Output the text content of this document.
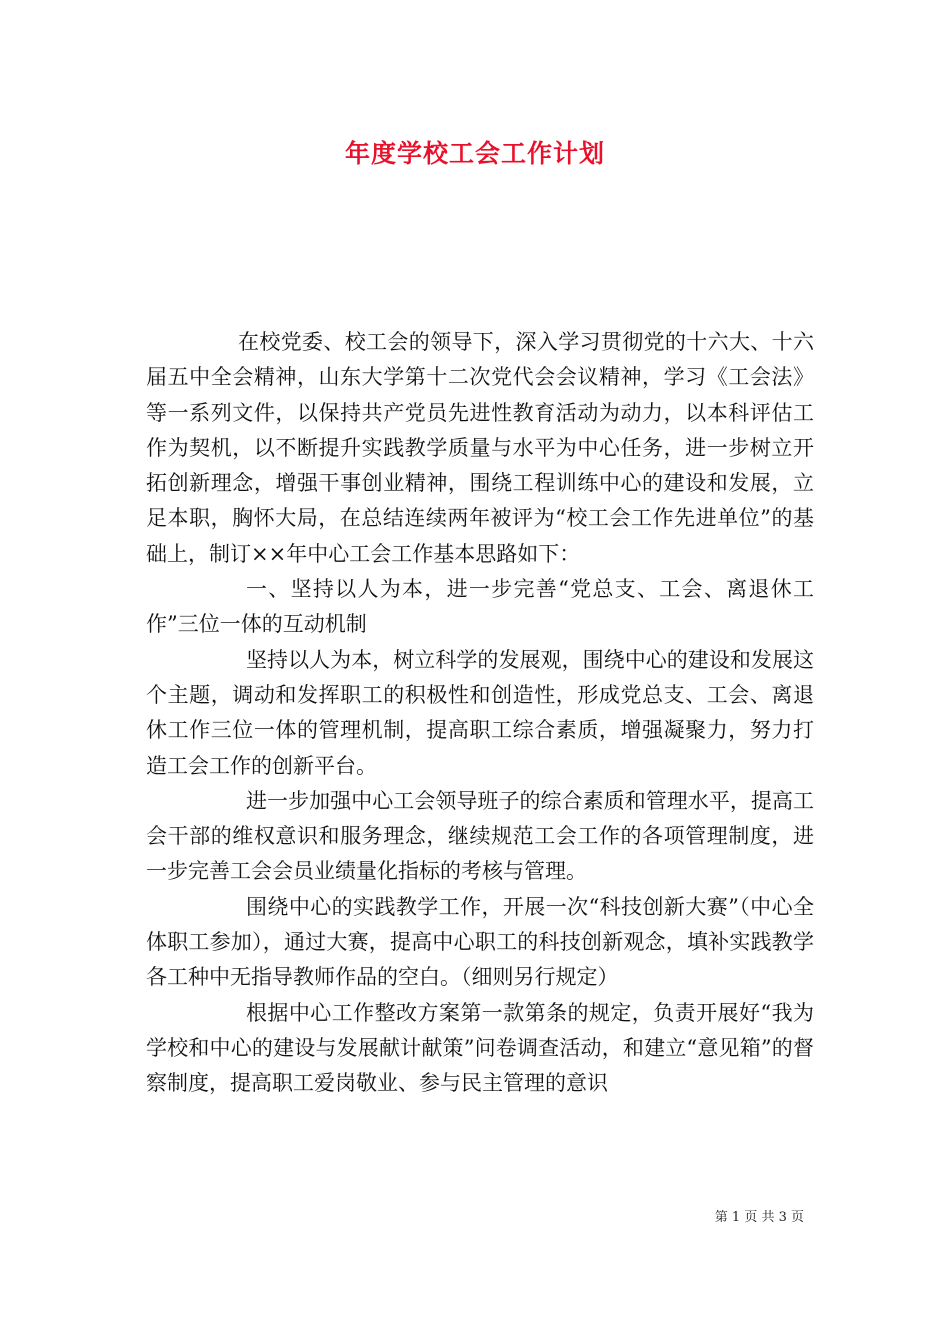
年度学校工会工作计划

在校党委、校工会的领导下，深入学习贯彻党的十六大、十六届五中全会精神，山东大学第十二次党代会会议精神，学习《工会法》等一系列文件，以保持共产党员先进性教育活动为动力，以本科评估工作为契机，以不断提升实践教学质量与水平为中心任务，进一步树立开拓创新理念，增强干事创业精神，围绕工程训练中心的建设和发展，立足本职，胸怀大局，在总结连续两年被评为“校工会工作先进单位”的基础上，制订××年中心工会工作基本思路如下：

一、坚持以人为本，进一步完善“党总支、工会、离退休工作”三位一体的互动机制

坚持以人为本，树立科学的发展观，围绕中心的建设和发展这个主题，调动和发挥职工的积极性和创造性，形成党总支、工会、离退休工作三位一体的管理机制，提高职工综合素质，增强凝聚力，努力打造工会工作的创新平台。

进一步加强中心工会领导班子的综合素质和管理水平，提高工会干部的维权意识和服务理念，继续规范工会工作的各项管理制度，进一步完善工会会员业绩量化指标的考核与管理。

围绕中心的实践教学工作，开展一次“科技创新大赛”（中心全体职工参加），通过大赛，提高中心职工的科技创新观念，填补实践教学各工种中无指导教师作品的空白。（细则另行规定）

根据中心工作整改方案第一款第条的规定，负责开展好“我为学校和中心的建设与发展献计献策”问卷调查活动，和建立“意见箱”的督察制度，提高职工爱岗敬业、参与民主管理的意识

第 1 页 共 3 页
